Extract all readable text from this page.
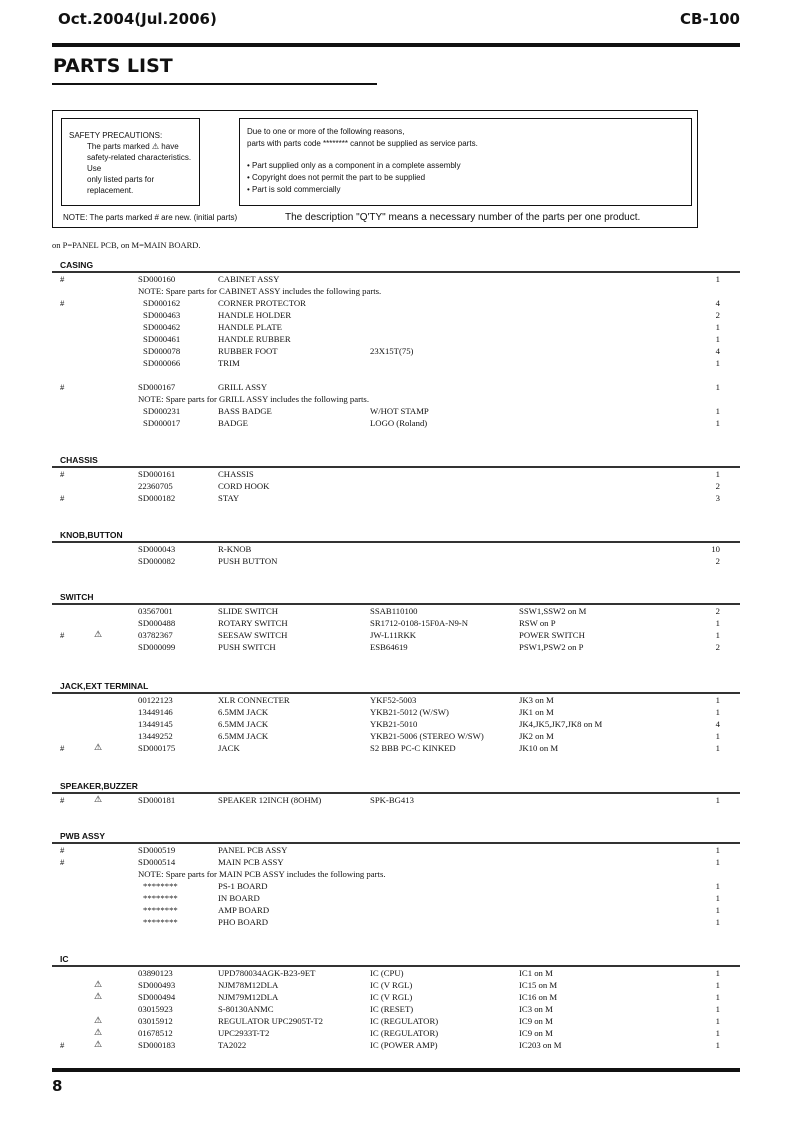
Oct.2004(Jul.2006)	CB-100
PARTS LIST
SAFETY PRECAUTIONS:
The parts marked ⚠ have
safety-related characteristics. Use
only listed parts for replacement.
Due to one or more of the following reasons,
parts with parts code ******** cannot be supplied as service parts.
• Part supplied only as a component in a complete assembly
• Copyright does not permit the part to be supplied
• Part is sold commercially
NOTE: The parts marked # are new. (initial parts)	The description "Q'TY" means a necessary number of the parts per one product.
on P=PANEL PCB, on M=MAIN BOARD.
CASING
#	SD000160	CABINET ASSY	1
NOTE: Spare parts for CABINET ASSY includes the following parts.
#	SD000162	CORNER PROTECTOR	4
SD000463	HANDLE HOLDER	2
SD000462	HANDLE PLATE	1
SD000461	HANDLE RUBBER	1
SD000078	RUBBER FOOT	23X15T(75)	4
SD000066	TRIM	1
#	SD000167	GRILL ASSY	1
NOTE: Spare parts for GRILL ASSY includes the following parts.
SD000231	BASS BADGE	W/HOT STAMP	1
SD000017	BADGE	LOGO (Roland)	1
CHASSIS
#	SD000161	CHASSIS	1
22360705	CORD HOOK	2
#	SD000182	STAY	3
KNOB,BUTTON
SD000043	R-KNOB	10
SD000082	PUSH BUTTON	2
SWITCH
03567001	SLIDE SWITCH	SSAB110100	SSW1,SSW2 on M	2
SD000488	ROTARY SWITCH	SR1712-0108-15F0A-N9-N	RSW on P	1
#	⚠	03782367	SEESAW SWITCH	JW-L11RKK	POWER SWITCH	1
SD000099	PUSH SWITCH	ESB64619	PSW1,PSW2 on P	2
JACK,EXT TERMINAL
00122123	XLR CONNECTER	YKF52-5003	JK3 on M	1
13449146	6.5MM JACK	YKB21-5012 (W/SW)	JK1 on M	1
13449145	6.5MM JACK	YKB21-5010	JK4,JK5,JK7,JK8 on M	4
13449252	6.5MM JACK	YKB21-5006 (STEREO W/SW)	JK2 on M	1
#	⚠	SD000175	JACK	S2 BBB PC-C KINKED	JK10 on M	1
SPEAKER,BUZZER
#	⚠	SD000181	SPEAKER 12INCH (8OHM)	SPK-BG413	1
PWB ASSY
#	SD000519	PANEL PCB ASSY	1
#	SD000514	MAIN PCB ASSY	1
NOTE: Spare parts for MAIN PCB ASSY includes the following parts.
********	PS-1 BOARD	1
********	IN BOARD	1
********	AMP BOARD	1
********	PHO BOARD	1
IC
03890123	UPD780034AGK-B23-9ET	IC (CPU)	IC1 on M	1
⚠	SD000493	NJM78M12DLA	IC (V RGL)	IC15 on M	1
⚠	SD000494	NJM79M12DLA	IC (V RGL)	IC16 on M	1
03015923	S-80130ANMC	IC (RESET)	IC3 on M	1
⚠	03015912	REGULATOR UPC2905T-T2	IC (REGULATOR)	IC9 on M	1
⚠	01678512	UPC2933T-T2	IC (REGULATOR)	IC9 on M	1
#	⚠	SD000183	TA2022	IC (POWER AMP)	IC203 on M	1
8
